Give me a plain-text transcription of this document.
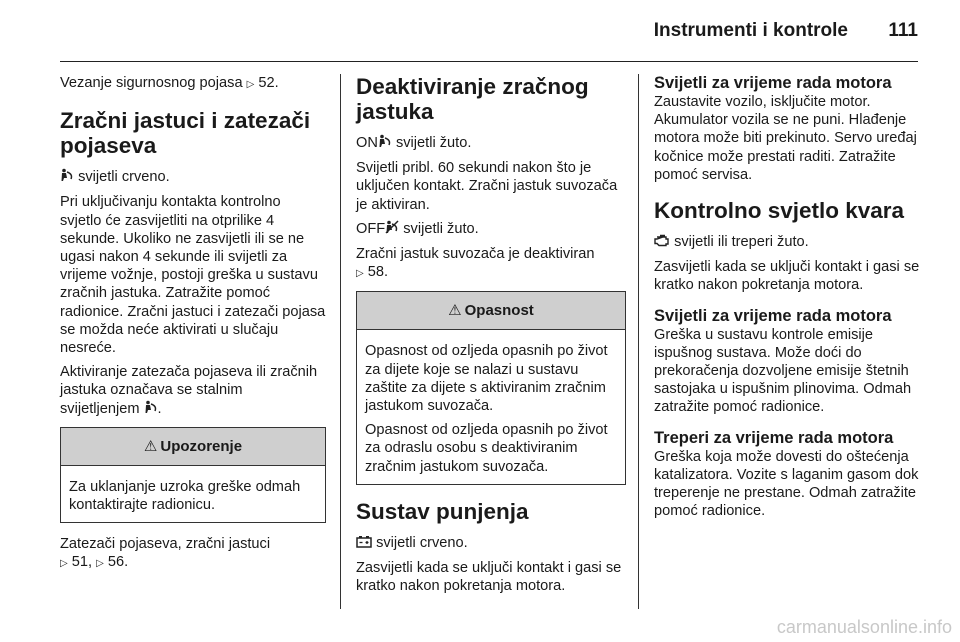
Instrumenti i kontrole 111

Vezanje sigurnosnog pojasa ▷ 52.

Zračni jastuci i zatezači pojaseva

svijetli crveno.

Pri uključivanju kontakta kontrolno svjetlo će zasvijetliti na otprilike 4 sekunde. Ukoliko ne zasvijetli ili se ne ugasi nakon 4 sekunde ili svijetli za vrijeme vožnje, postoji greška u sustavu zračnih jastuka. Zatražite pomoć radionice. Zračni jastuci i zatezači pojasa se možda neće aktivirati u slučaju nesreće.

Aktiviranje zatezača pojaseva ili zračnih jastuka označava se stalnim svijetljenjem .

⚠ Upozorenje
Za uklanjanje uzroka greške odmah kontaktirajte radionicu.

Zatezači pojaseva, zračni jastuci
▷ 51, ▷ 56.

Deaktiviranje zračnog jastuka

ON svijetli žuto.

Svijetli pribl. 60 sekundi nakon što je uključen kontakt. Zračni jastuk suvozača je aktiviran.

OFF svijetli žuto.

Zračni jastuk suvozača je deaktiviran
▷ 58.

⚠ Opasnost

Opasnost od ozljeda opasnih po život za dijete koje se nalazi u sustavu zaštite za dijete s aktiviranim zračnim jastukom suvozača.

Opasnost od ozljeda opasnih po život za odraslu osobu s deaktiviranim zračnim jastukom suvozača.

Sustav punjenja

svijetli crveno.

Zasvijetli kada se uključi kontakt i gasi se kratko nakon pokretanja motora.

Svijetli za vrijeme rada motora

Zaustavite vozilo, isključite motor. Akumulator vozila se ne puni. Hlađenje motora može biti prekinuto. Servo uređaj kočnice može prestati raditi. Zatražite pomoć servisa.

Kontrolno svjetlo kvara

svijetli ili treperi žuto.

Zasvijetli kada se uključi kontakt i gasi se kratko nakon pokretanja motora.

Svijetli za vrijeme rada motora

Greška u sustavu kontrole emisije ispušnog sustava. Može doći do prekoračenja dozvoljene emisije štetnih sastojaka u ispušnim plinovima. Odmah zatražite pomoć radionice.

Treperi za vrijeme rada motora

Greška koja može dovesti do oštećenja katalizatora. Vozite s laganim gasom dok treperenje ne prestane. Odmah zatražite pomoć radionice.

carmanualsonline.info
